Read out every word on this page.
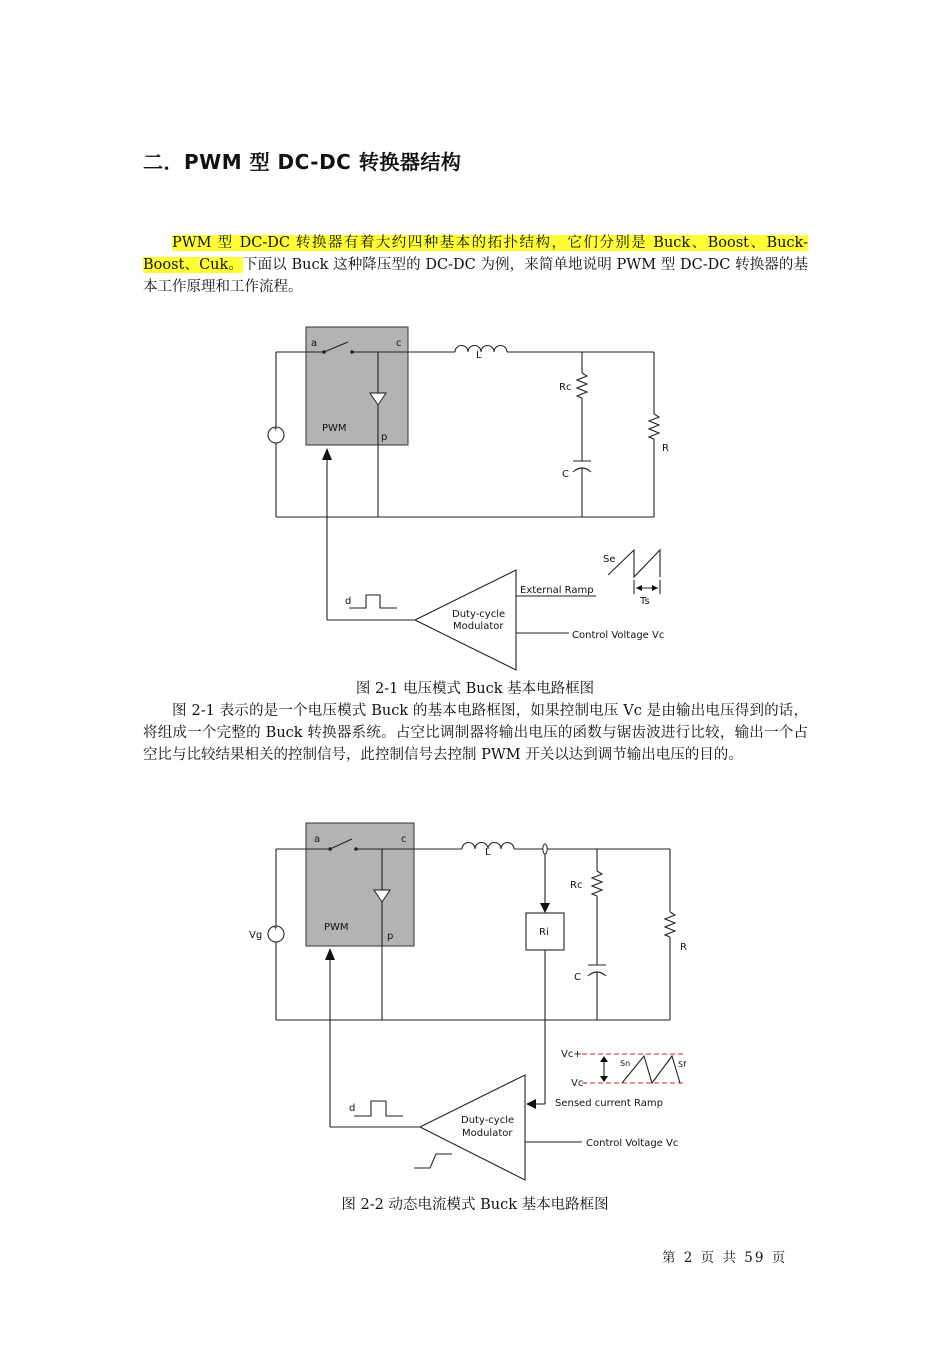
二．PWM 型 DC-DC 转换器结构
PWM 型 DC-DC 转换器有着大约四种基本的拓扑结构，它们分别是 Buck、Boost、Buck-Boost、Cuk。下面以 Buck 这种降压型的 DC-DC 为例，来简单地说明 PWM 型 DC-DC 转换器的基本工作原理和工作流程。
a	c
PWM
p
L
+
Rc
C
R
d
Duty-cycle
Modulator
External Ramp
Control Voltage Vc
Se
Ts
图 2-1 电压模式 Buck 基本电路框图
图 2-1 表示的是一个电压模式 Buck 的基本电路框图，如果控制电压 Vc 是由输出电压得到的话，将组成一个完整的 Buck 转换器系统。占空比调制器将输出电压的函数与锯齿波进行比较，输出一个占空比与比较结果相关的控制信号，此控制信号去控制 PWM 开关以达到调节输出电压的目的。
a	c
PWM
p
L
+
Vg	Ri
Rc
C
R
d
Duty-cycle
Modulator
Control Voltage Vc
Sensed current Ramp
Vc+
Vc-
Sn	Sf
图 2-2 动态电流模式 Buck 基本电路框图
第 2 页 共 59 页
